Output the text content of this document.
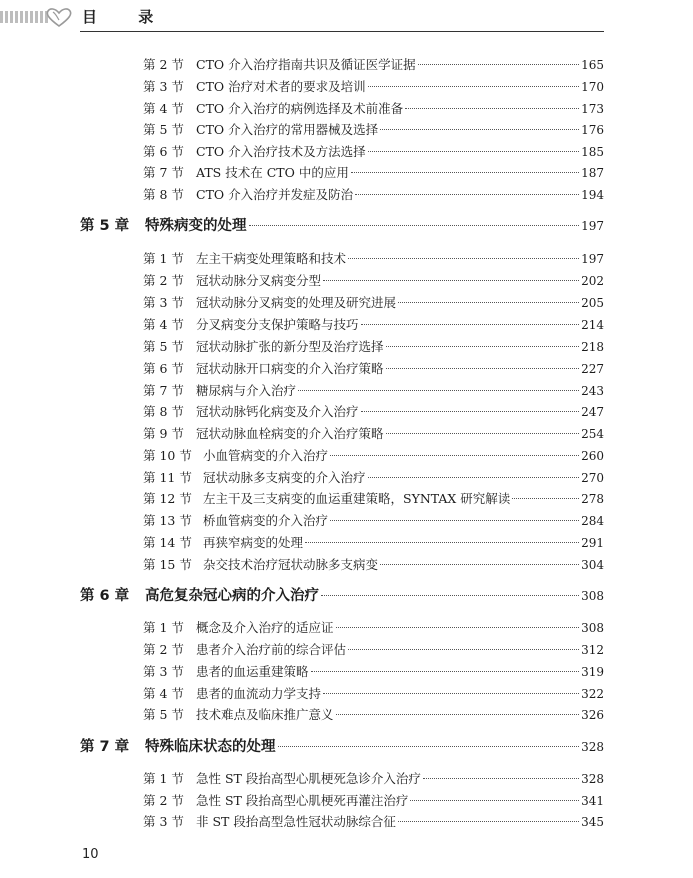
目 录
第 2 节 CTO 介入治疗指南共识及循证医学证据	165
第 3 节 CTO 治疗对术者的要求及培训	170
第 4 节 CTO 介入治疗的病例选择及术前准备	173
第 5 节 CTO 介入治疗的常用器械及选择	176
第 6 节 CTO 介入治疗技术及方法选择	185
第 7 节 ATS 技术在 CTO 中的应用	187
第 8 节 CTO 介入治疗并发症及防治	194
第 5 章	特殊病变的处理	197
第 1 节 左主干病变处理策略和技术	197
第 2 节 冠状动脉分叉病变分型	202
第 3 节 冠状动脉分叉病变的处理及研究进展	205
第 4 节 分叉病变分支保护策略与技巧	214
第 5 节 冠状动脉扩张的新分型及治疗选择	218
第 6 节 冠状动脉开口病变的介入治疗策略	227
第 7 节 糖尿病与介入治疗	243
第 8 节 冠状动脉钙化病变及介入治疗	247
第 9 节 冠状动脉血栓病变的介入治疗策略	254
第 10 节 小血管病变的介入治疗	260
第 11 节 冠状动脉多支病变的介入治疗	270
第 12 节 左主干及三支病变的血运重建策略，SYNTAX 研究解读	278
第 13 节 桥血管病变的介入治疗	284
第 14 节 再狭窄病变的处理	291
第 15 节 杂交技术治疗冠状动脉多支病变	304
第 6 章	高危复杂冠心病的介入治疗	308
第 1 节 概念及介入治疗的适应证	308
第 2 节 患者介入治疗前的综合评估	312
第 3 节 患者的血运重建策略	319
第 4 节 患者的血流动力学支持	322
第 5 节 技术难点及临床推广意义	326
第 7 章	特殊临床状态的处理	328
第 1 节 急性 ST 段抬高型心肌梗死急诊介入治疗	328
第 2 节 急性 ST 段抬高型心肌梗死再灌注治疗	341
第 3 节 非 ST 段抬高型急性冠状动脉综合征	345
10
